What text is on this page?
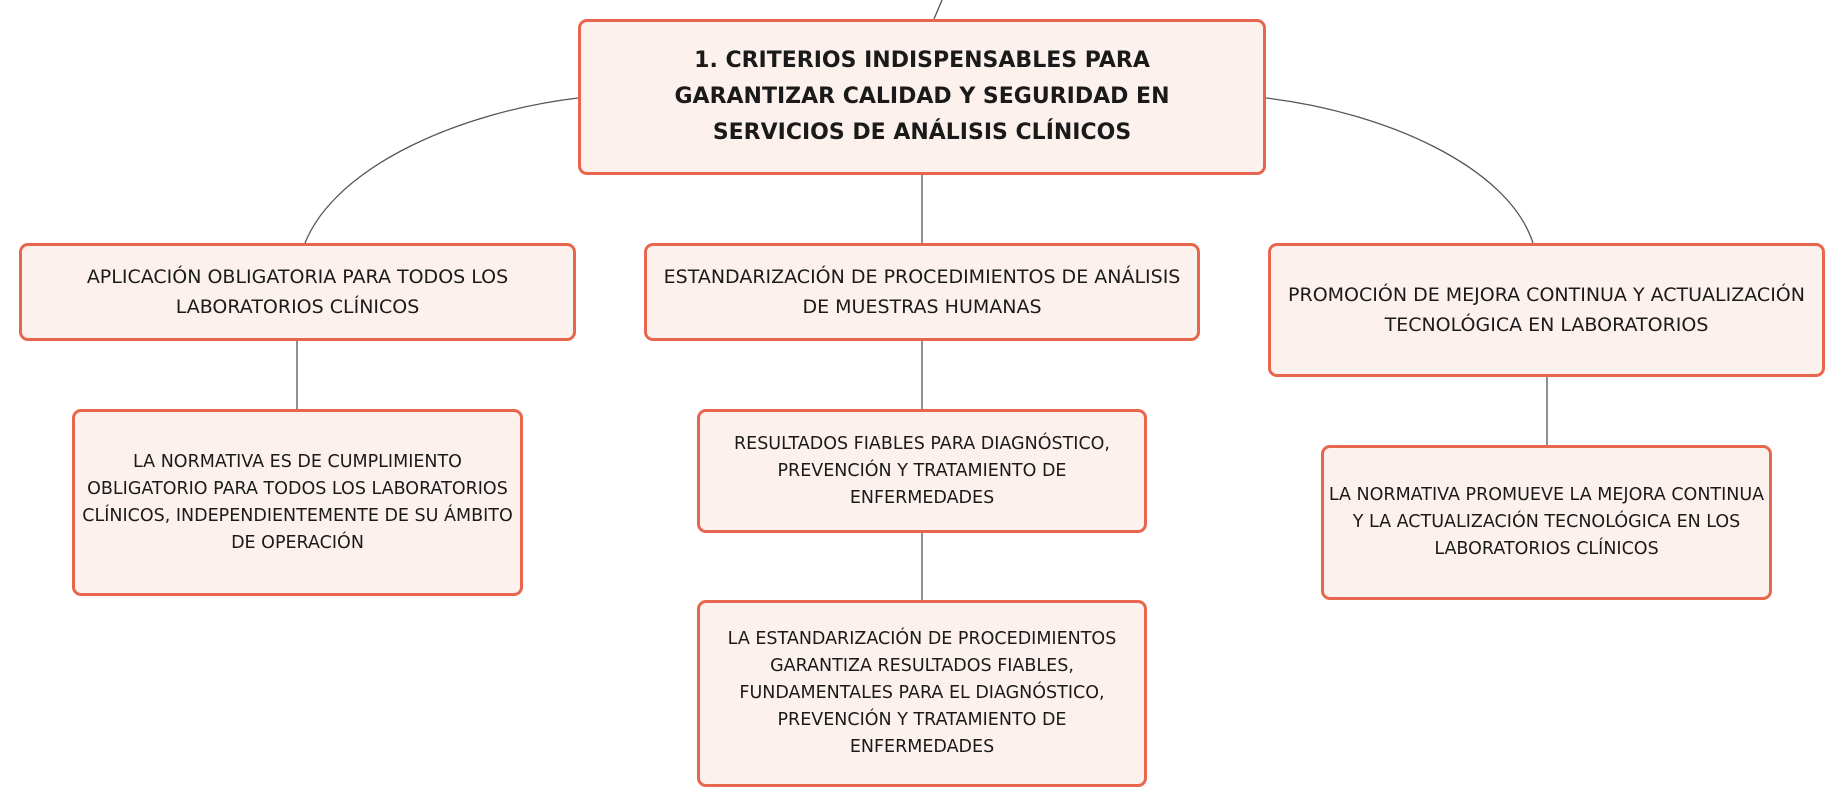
1. CRITERIOS INDISPENSABLES PARA GARANTIZAR CALIDAD Y SEGURIDAD EN SERVICIOS DE ANÁLISIS CLÍNICOS
APLICACIÓN OBLIGATORIA PARA TODOS LOS LABORATORIOS CLÍNICOS
ESTANDARIZACIÓN DE PROCEDIMIENTOS DE ANÁLISIS DE MUESTRAS HUMANAS
PROMOCIÓN DE MEJORA CONTINUA Y ACTUALIZACIÓN TECNOLÓGICA EN LABORATORIOS
LA NORMATIVA ES DE CUMPLIMIENTO OBLIGATORIO PARA TODOS LOS LABORATORIOS CLÍNICOS, INDEPENDIENTEMENTE DE SU ÁMBITO DE OPERACIÓN
RESULTADOS FIABLES PARA DIAGNÓSTICO, PREVENCIÓN Y TRATAMIENTO DE ENFERMEDADES
LA ESTANDARIZACIÓN DE PROCEDIMIENTOS GARANTIZA RESULTADOS FIABLES, FUNDAMENTALES PARA EL DIAGNÓSTICO, PREVENCIÓN Y TRATAMIENTO DE ENFERMEDADES
LA NORMATIVA PROMUEVE LA MEJORA CONTINUA Y LA ACTUALIZACIÓN TECNOLÓGICA EN LOS LABORATORIOS CLÍNICOS
